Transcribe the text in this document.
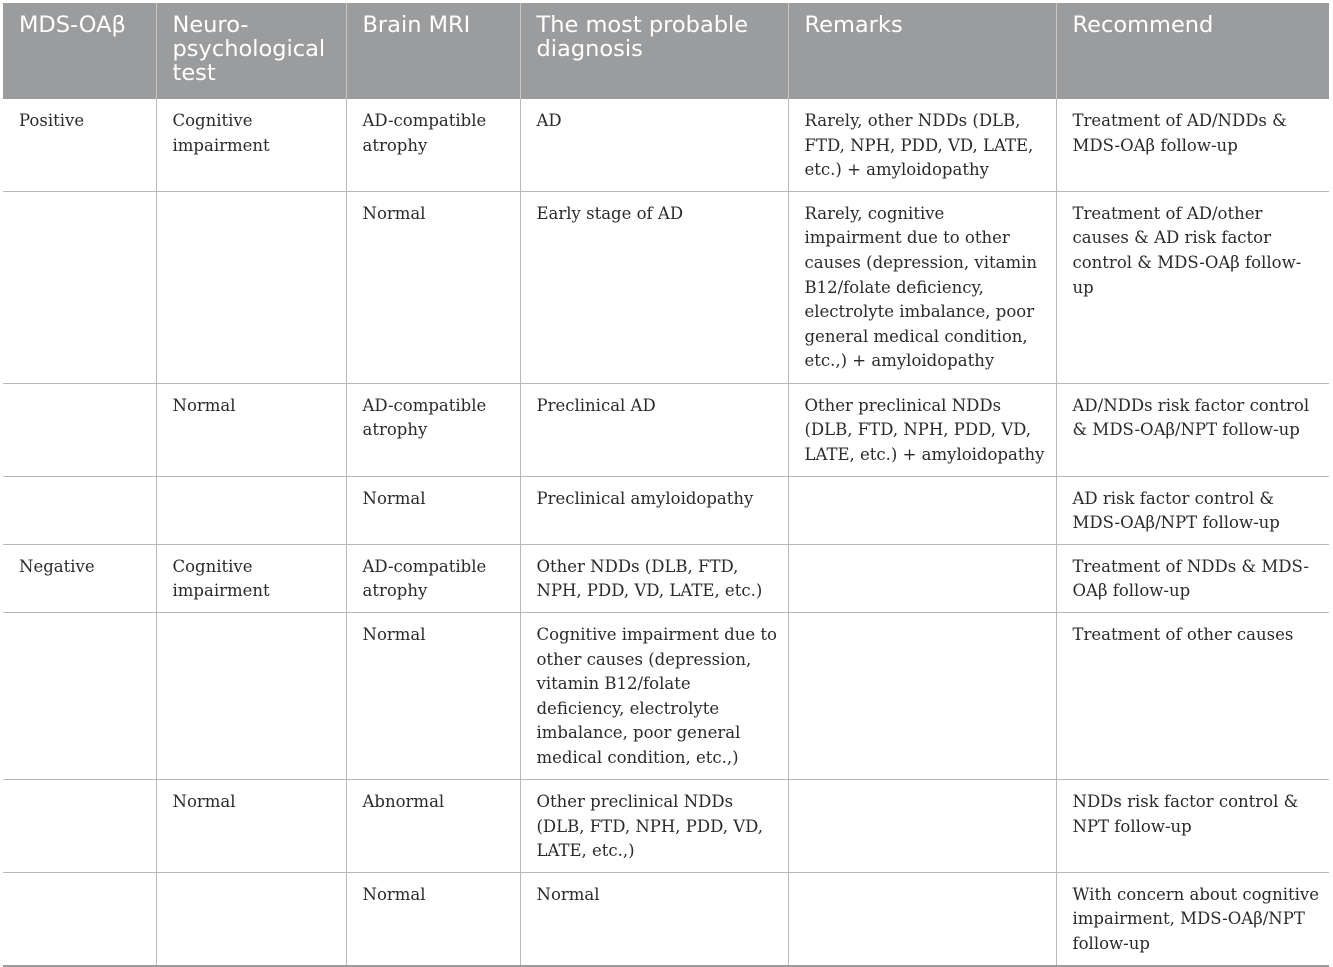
MDS-OAβ	Neuro-psychological test	Brain MRI	The most probable diagnosis	Remarks	Recommend
Positive	Cognitive impairment	AD-compatible atrophy	AD	Rarely, other NDDs (DLB, FTD, NPH, PDD, VD, LATE, etc.) + amyloidopathy	Treatment of AD/NDDs & MDS-OAβ follow-up
		Normal	Early stage of AD	Rarely, cognitive impairment due to other causes (depression, vitamin B12/folate deficiency, electrolyte imbalance, poor general medical condition, etc.,) + amyloidopathy	Treatment of AD/other causes & AD risk factor control & MDS-OAβ follow-up
	Normal	AD-compatible atrophy	Preclinical AD	Other preclinical NDDs (DLB, FTD, NPH, PDD, VD, LATE, etc.) + amyloidopathy	AD/NDDs risk factor control & MDS-OAβ/NPT follow-up
		Normal	Preclinical amyloidopathy		AD risk factor control & MDS-OAβ/NPT follow-up
Negative	Cognitive impairment	AD-compatible atrophy	Other NDDs (DLB, FTD, NPH, PDD, VD, LATE, etc.)		Treatment of NDDs & MDS-OAβ follow-up
		Normal	Cognitive impairment due to other causes (depression, vitamin B12/folate deficiency, electrolyte imbalance, poor general medical condition, etc.,)		Treatment of other causes
	Normal	Abnormal	Other preclinical NDDs (DLB, FTD, NPH, PDD, VD, LATE, etc.,)		NDDs risk factor control & NPT follow-up
		Normal	Normal		With concern about cognitive impairment, MDS-OAβ/NPT follow-up
